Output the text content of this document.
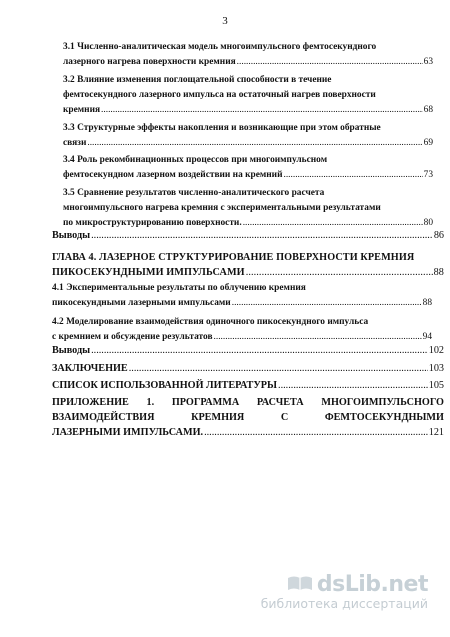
3
3.1 Численно-аналитическая модель многоимпульсного фемтосекундного
лазерного нагрева поверхности кремния .....	63
3.2 Влияние изменения поглощательной способности в течение
фемтосекундного лазерного импульса на остаточный нагрев поверхности
кремния .....	68
3.3 Структурные эффекты накопления и возникающие при этом обратные
связи .....	69
3.4 Роль рекомбинационных процессов при многоимпульсном
фемтосекундном лазерном воздействии на кремний .....	73
3.5 Сравнение результатов численно-аналитического расчета
многоимпульсного нагрева кремния с экспериментальными результатами
по микроструктурированию поверхности. .....	80
Выводы .....	86
ГЛАВА 4. ЛАЗЕРНОЕ СТРУКТУРИРОВАНИЕ ПОВЕРХНОСТИ КРЕМНИЯ
ПИКОСЕКУНДНЫМИ ИМПУЛЬСАМИ .....	88
4.1 Экспериментальные результаты по облучению кремния
пикосекундными лазерными импульсами .....	88
4.2 Моделирование взаимодействия одиночного пикосекундного импульса
с кремнием и обсуждение результатов .....	94
Выводы .....	102
ЗАКЛЮЧЕНИЕ .....	103
СПИСОК ИСПОЛЬЗОВАННОЙ ЛИТЕРАТУРЫ .....	105
ПРИЛОЖЕНИЕ 1. ПРОГРАММА РАСЧЕТА МНОГОИМПУЛЬСНОГО
ВЗАИМОДЕЙСТВИЯ	КРЕМНИЯ	С	ФЕМТОСЕКУНДНЫМИ
ЛАЗЕРНЫМИ ИМПУЛЬСАМИ. .....	121
dsLib.net
библиотека диссертаций
